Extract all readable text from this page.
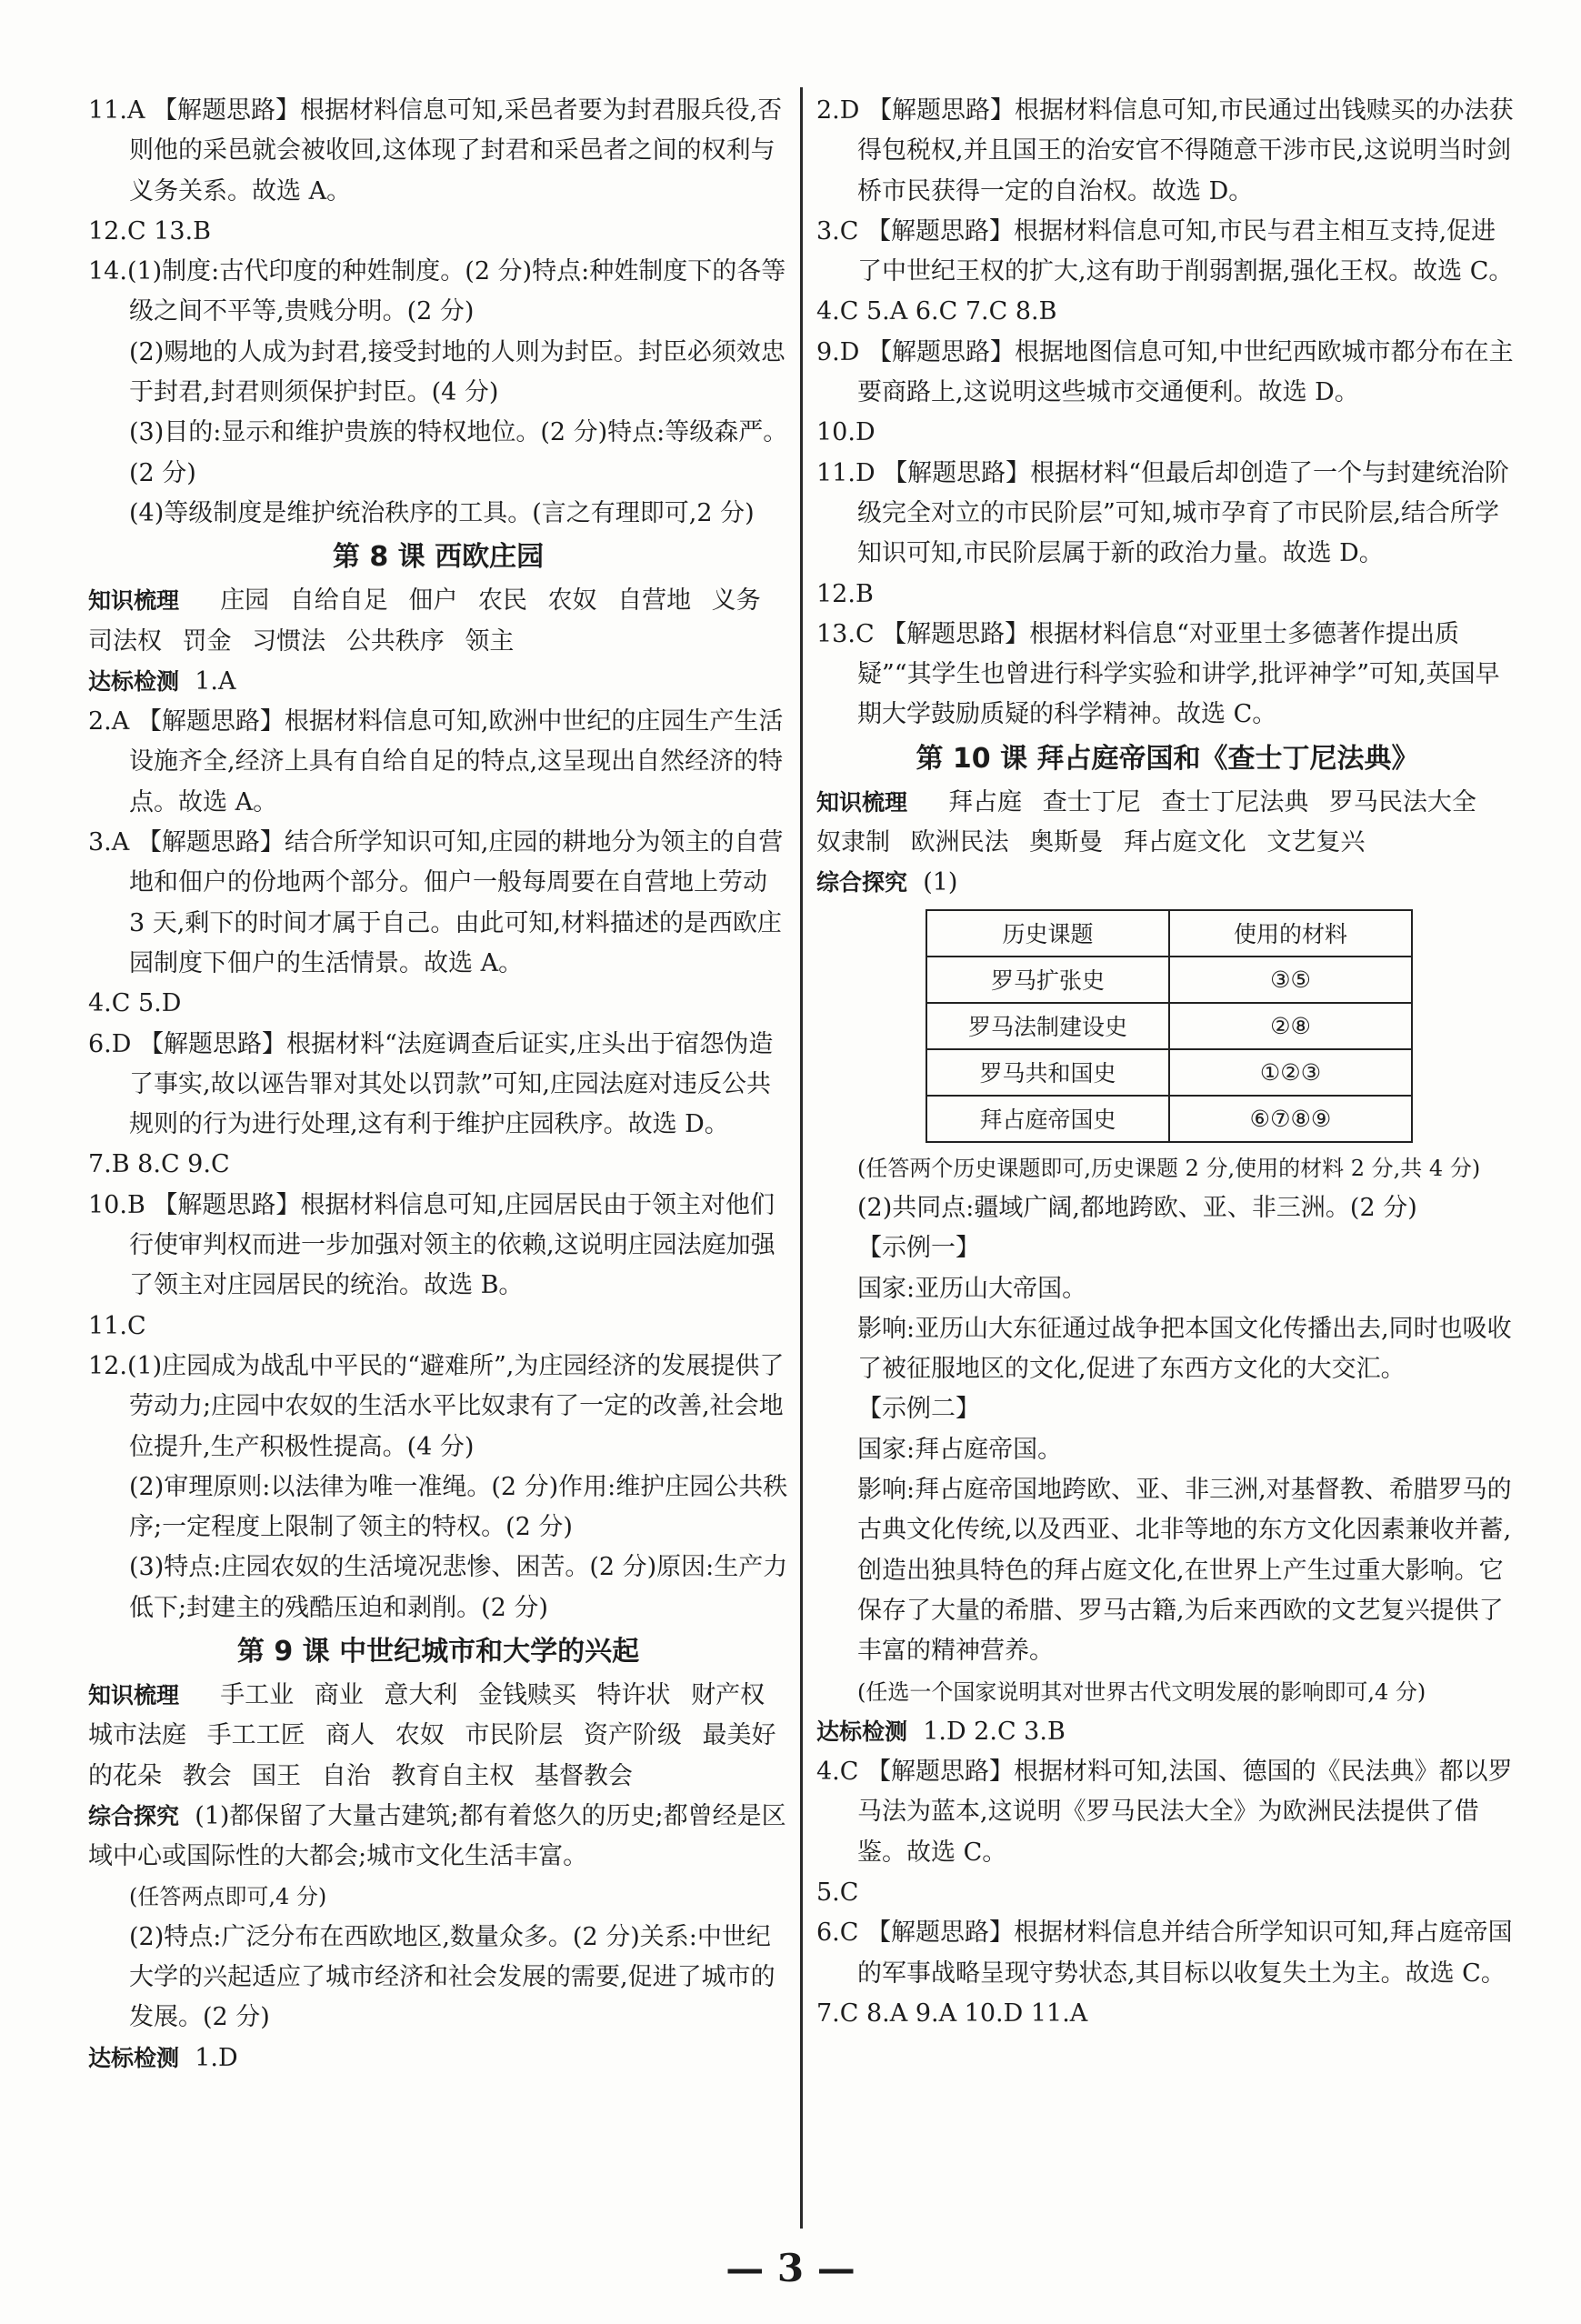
11.A 【解题思路】根据材料信息可知,采邑者要为封君服兵役,否则他的采邑就会被收回,这体现了封君和采邑者之间的权利与义务关系。故选 A。

12.C 13.B

14.(1)制度:古代印度的种姓制度。(2 分)特点:种姓制度下的各等级之间不平等,贵贱分明。(2 分)

(2)赐地的人成为封君,接受封地的人则为封臣。封臣必须效忠于封君,封君则须保护封臣。(4 分)

(3)目的:显示和维护贵族的特权地位。(2 分)特点:等级森严。(2 分)

(4)等级制度是维护统治秩序的工具。(言之有理即可,2 分)

第 8 课 西欧庄园

知识梳理 庄园 自给自足 佃户 农民 农奴 自营地 义务 司法权 罚金 习惯法 公共秩序 领主

达标检测 1.A

2.A 【解题思路】根据材料信息可知,欧洲中世纪的庄园生产生活设施齐全,经济上具有自给自足的特点,这呈现出自然经济的特点。故选 A。

3.A 【解题思路】结合所学知识可知,庄园的耕地分为领主的自营地和佃户的份地两个部分。佃户一般每周要在自营地上劳动 3 天,剩下的时间才属于自己。由此可知,材料描述的是西欧庄园制度下佃户的生活情景。故选 A。

4.C 5.D

6.D 【解题思路】根据材料“法庭调查后证实,庄头出于宿怨伪造了事实,故以诬告罪对其处以罚款”可知,庄园法庭对违反公共规则的行为进行处理,这有利于维护庄园秩序。故选 D。

7.B 8.C 9.C

10.B 【解题思路】根据材料信息可知,庄园居民由于领主对他们行使审判权而进一步加强对领主的依赖,这说明庄园法庭加强了领主对庄园居民的统治。故选 B。

11.C

12.(1)庄园成为战乱中平民的“避难所”,为庄园经济的发展提供了劳动力;庄园中农奴的生活水平比奴隶有了一定的改善,社会地位提升,生产积极性提高。(4 分)

(2)审理原则:以法律为唯一准绳。(2 分)作用:维护庄园公共秩序;一定程度上限制了领主的特权。(2 分)

(3)特点:庄园农奴的生活境况悲惨、困苦。(2 分)原因:生产力低下;封建主的残酷压迫和剥削。(2 分)

第 9 课 中世纪城市和大学的兴起

知识梳理 手工业 商业 意大利 金钱赎买 特许状 财产权 城市法庭 手工工匠 商人 农奴 市民阶层 资产阶级 最美好的花朵 教会 国王 自治 教育自主权 基督教会

综合探究 (1)都保留了大量古建筑;都有着悠久的历史;都曾经是区域中心或国际性的大都会;城市文化生活丰富。

(任答两点即可,4 分)

(2)特点:广泛分布在西欧地区,数量众多。(2 分)关系:中世纪大学的兴起适应了城市经济和社会发展的需要,促进了城市的发展。(2 分)

达标检测 1.D

2.D 【解题思路】根据材料信息可知,市民通过出钱赎买的办法获得包税权,并且国王的治安官不得随意干涉市民,这说明当时剑桥市民获得一定的自治权。故选 D。

3.C 【解题思路】根据材料信息可知,市民与君主相互支持,促进了中世纪王权的扩大,这有助于削弱割据,强化王权。故选 C。

4.C 5.A 6.C 7.C 8.B

9.D 【解题思路】根据地图信息可知,中世纪西欧城市都分布在主要商路上,这说明这些城市交通便利。故选 D。

10.D

11.D 【解题思路】根据材料“但最后却创造了一个与封建统治阶级完全对立的市民阶层”可知,城市孕育了市民阶层,结合所学知识可知,市民阶层属于新的政治力量。故选 D。

12.B

13.C 【解题思路】根据材料信息“对亚里士多德著作提出质疑”“其学生也曾进行科学实验和讲学,批评神学”可知,英国早期大学鼓励质疑的科学精神。故选 C。

第 10 课 拜占庭帝国和《查士丁尼法典》

知识梳理 拜占庭 查士丁尼 查士丁尼法典 罗马民法大全 奴隶制 欧洲民法 奥斯曼 拜占庭文化 文艺复兴

综合探究 (1)

历史课题	使用的材料
罗马扩张史	③⑤
罗马法制建设史	②⑧
罗马共和国史	①②③
拜占庭帝国史	⑥⑦⑧⑨

(任答两个历史课题即可,历史课题 2 分,使用的材料 2 分,共 4 分)

(2)共同点:疆域广阔,都地跨欧、亚、非三洲。(2 分)

【示例一】

国家:亚历山大帝国。

影响:亚历山大东征通过战争把本国文化传播出去,同时也吸收了被征服地区的文化,促进了东西方文化的大交汇。

【示例二】

国家:拜占庭帝国。

影响:拜占庭帝国地跨欧、亚、非三洲,对基督教、希腊罗马的古典文化传统,以及西亚、北非等地的东方文化因素兼收并蓄,创造出独具特色的拜占庭文化,在世界上产生过重大影响。它保存了大量的希腊、罗马古籍,为后来西欧的文艺复兴提供了丰富的精神营养。

(任选一个国家说明其对世界古代文明发展的影响即可,4 分)

达标检测 1.D 2.C 3.B

4.C 【解题思路】根据材料可知,法国、德国的《民法典》都以罗马法为蓝本,这说明《罗马民法大全》为欧洲民法提供了借鉴。故选 C。

5.C

6.C 【解题思路】根据材料信息并结合所学知识可知,拜占庭帝国的军事战略呈现守势状态,其目标以收复失土为主。故选 C。

7.C 8.A 9.A 10.D 11.A

— 3 —
